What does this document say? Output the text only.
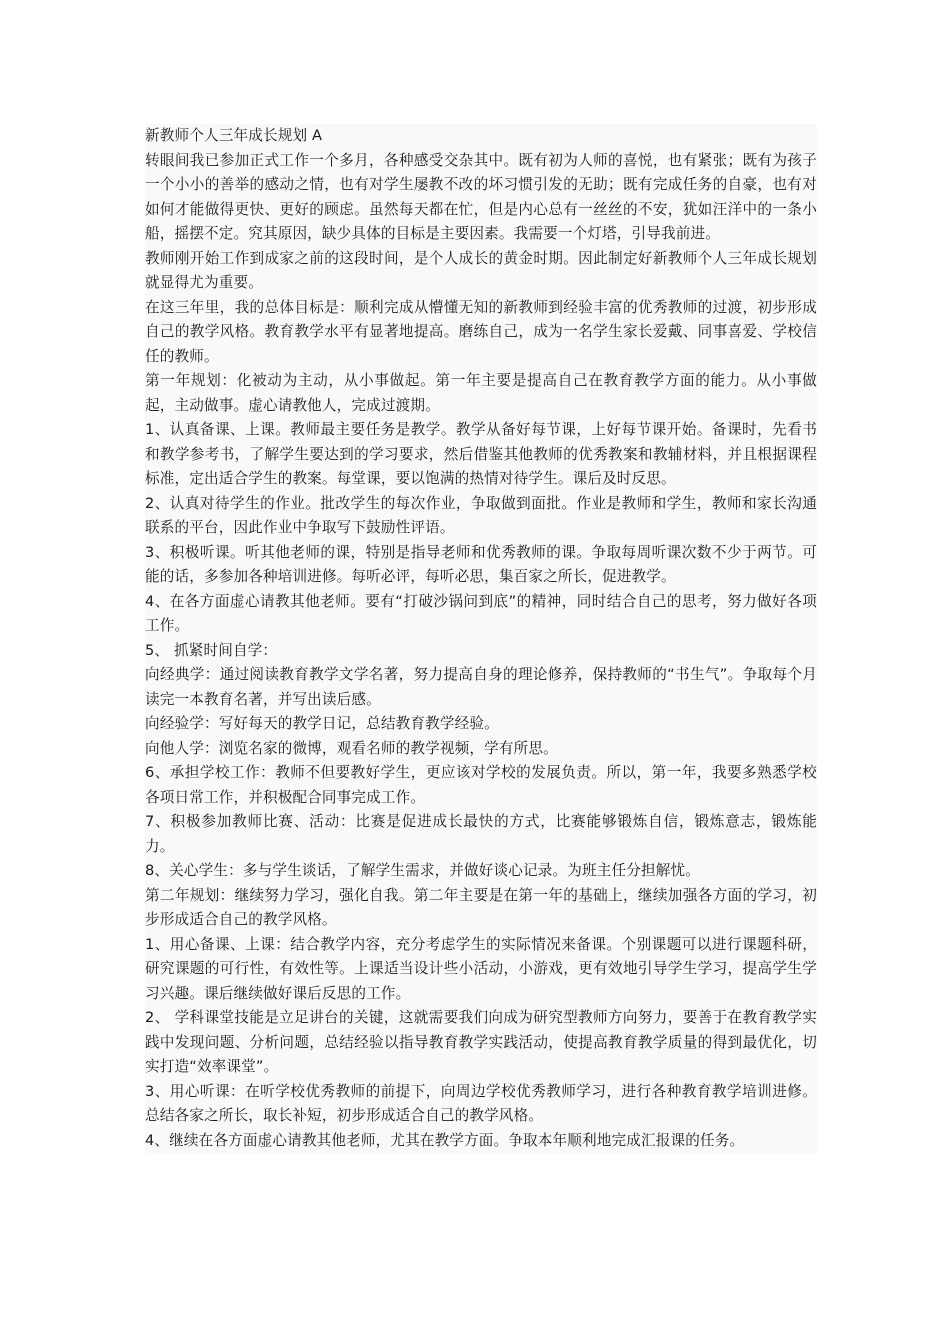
新教师个人三年成长规划 A

转眼间我已参加正式工作一个多月，各种感受交杂其中。既有初为人师的喜悦，也有紧张；既有为孩子一个小小的善举的感动之情，也有对学生屡教不改的坏习惯引发的无助；既有完成任务的自豪，也有对如何才能做得更快、更好的顾虑。虽然每天都在忙，但是内心总有一丝丝的不安，犹如汪洋中的一条小船，摇摆不定。究其原因，缺少具体的目标是主要因素。我需要一个灯塔，引导我前进。

教师刚开始工作到成家之前的这段时间，是个人成长的黄金时期。因此制定好新教师个人三年成长规划就显得尤为重要。

在这三年里，我的总体目标是：顺利完成从懵懂无知的新教师到经验丰富的优秀教师的过渡，初步形成自己的教学风格。教育教学水平有显著地提高。磨练自己，成为一名学生家长爱戴、同事喜爱、学校信任的教师。

第一年规划：化被动为主动，从小事做起。第一年主要是提高自己在教育教学方面的能力。从小事做起，主动做事。虚心请教他人，完成过渡期。

1、认真备课、上课。教师最主要任务是教学。教学从备好每节课，上好每节课开始。备课时，先看书和教学参考书，了解学生要达到的学习要求，然后借鉴其他教师的优秀教案和教辅材料，并且根据课程标准，定出适合学生的教案。每堂课，要以饱满的热情对待学生。课后及时反思。

2、认真对待学生的作业。批改学生的每次作业，争取做到面批。作业是教师和学生，教师和家长沟通联系的平台，因此作业中争取写下鼓励性评语。

3、积极听课。听其他老师的课，特别是指导老师和优秀教师的课。争取每周听课次数不少于两节。可能的话，多参加各种培训进修。每听必评，每听必思，集百家之所长，促进教学。

4、在各方面虚心请教其他老师。要有“打破沙锅问到底”的精神，同时结合自己的思考，努力做好各项工作。

5、 抓紧时间自学：

向经典学：通过阅读教育教学文学名著，努力提高自身的理论修养，保持教师的“书生气”。争取每个月读完一本教育名著，并写出读后感。

向经验学：写好每天的教学日记，总结教育教学经验。

向他人学：浏览名家的微博，观看名师的教学视频，学有所思。

6、承担学校工作：教师不但要教好学生，更应该对学校的发展负责。所以，第一年，我要多熟悉学校各项日常工作，并积极配合同事完成工作。

7、积极参加教师比赛、活动：比赛是促进成长最快的方式，比赛能够锻炼自信，锻炼意志，锻炼能力。

8、关心学生：多与学生谈话，了解学生需求，并做好谈心记录。为班主任分担解忧。

第二年规划：继续努力学习，强化自我。第二年主要是在第一年的基础上，继续加强各方面的学习，初步形成适合自己的教学风格。

1、用心备课、上课：结合教学内容，充分考虑学生的实际情况来备课。个别课题可以进行课题科研，研究课题的可行性，有效性等。上课适当设计些小活动，小游戏，更有效地引导学生学习，提高学生学习兴趣。课后继续做好课后反思的工作。

2、 学科课堂技能是立足讲台的关键，这就需要我们向成为研究型教师方向努力，要善于在教育教学实践中发现问题、分析问题，总结经验以指导教育教学实践活动，使提高教育教学质量的得到最优化，切实打造“效率课堂”。

3、用心听课：在听学校优秀教师的前提下，向周边学校优秀教师学习，进行各种教育教学培训进修。总结各家之所长，取长补短，初步形成适合自己的教学风格。

4、继续在各方面虚心请教其他老师，尤其在教学方面。争取本年顺利地完成汇报课的任务。
